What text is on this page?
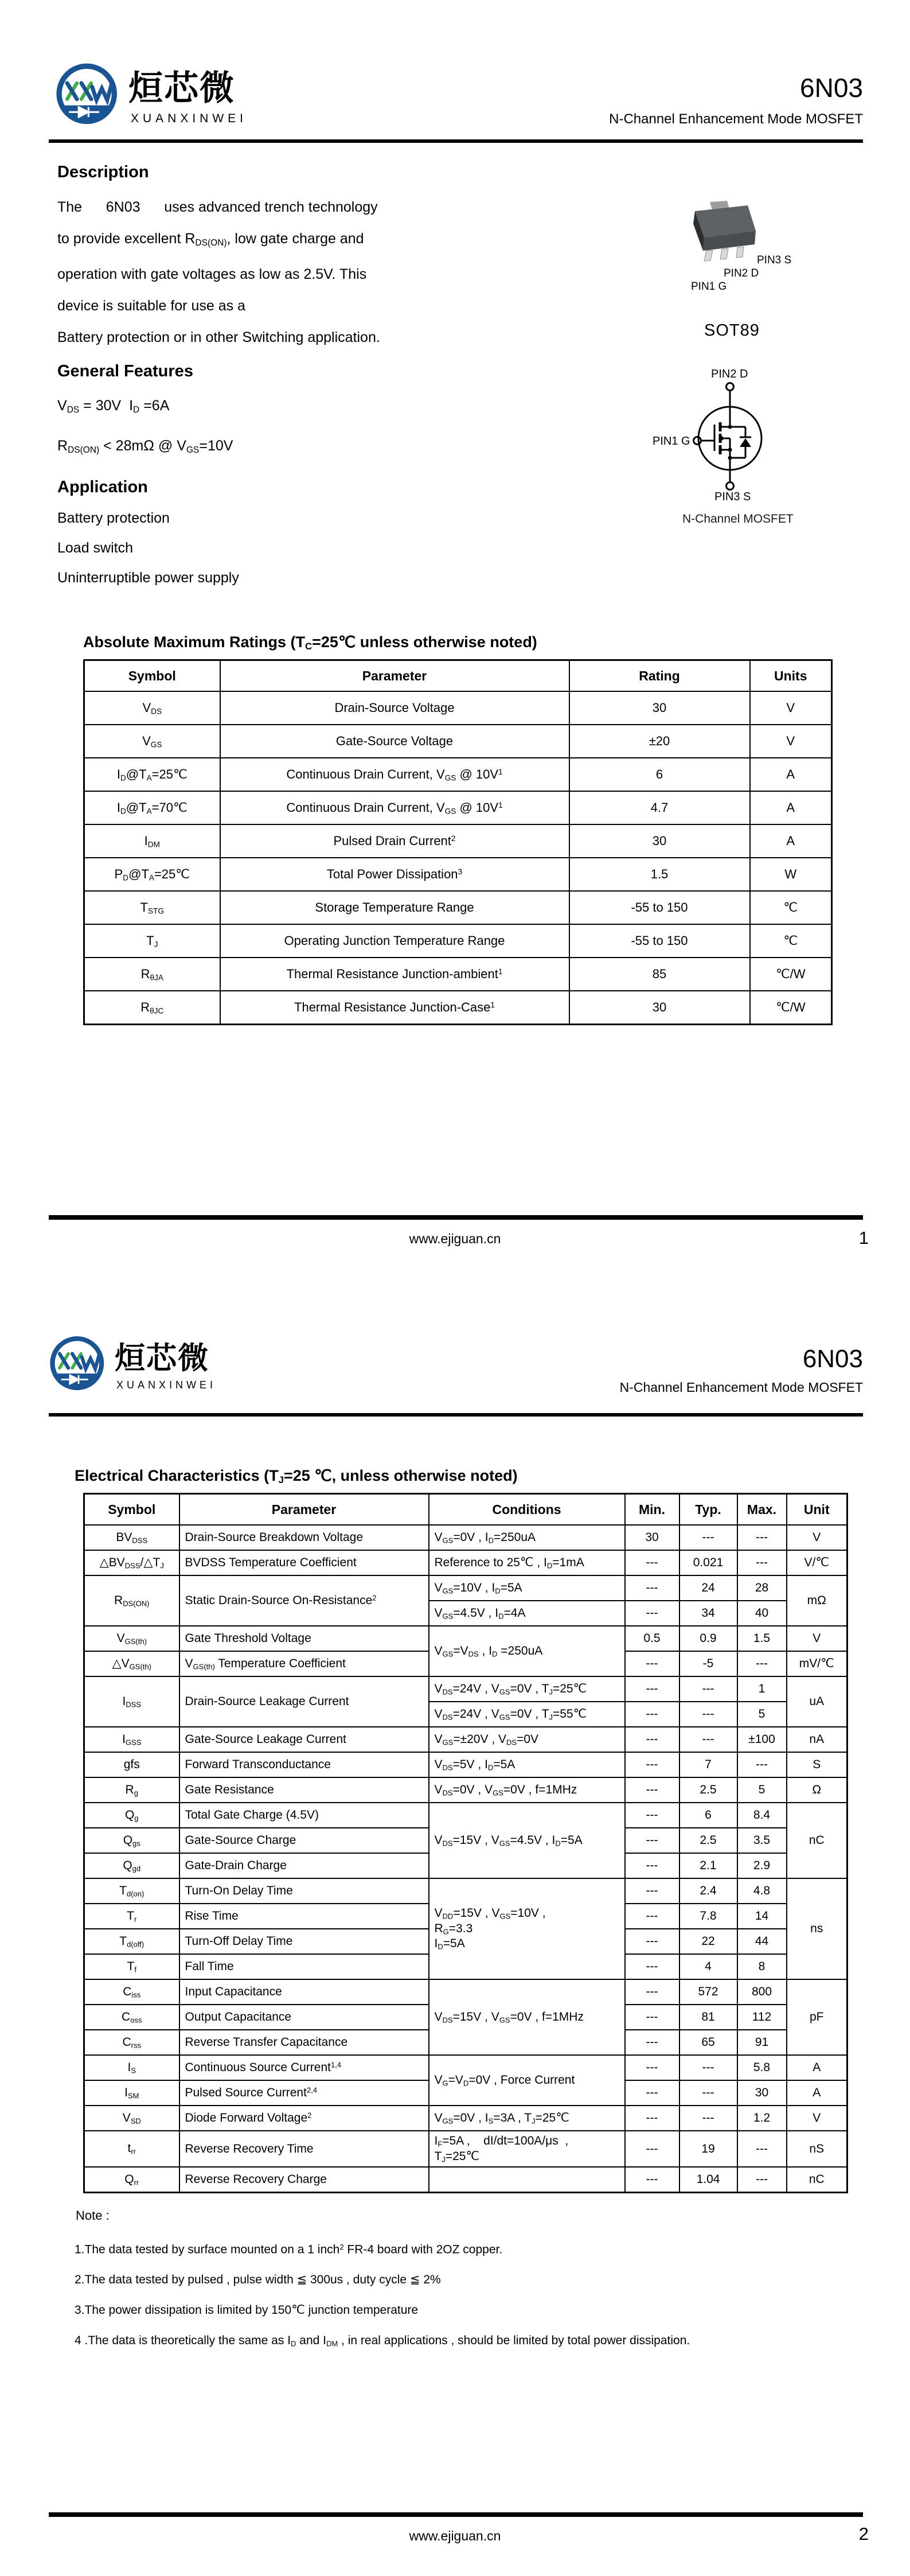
烜芯微
XUANXINWEI
6N03
N-Channel Enhancement Mode MOSFET
Description
The      6N03      uses advanced trench technology
to provide excellent $R_{DS(ON)}$, low gate charge and
operation with gate voltages as low as 2.5V. This
device is suitable for use as a
Battery protection or in other Switching application.
General Features
$V_{DS} = 30V$  $I_D =6A$
$R_{DS(ON)} < 28m\Omega$ @ $V_{GS}=10V$
Application
Battery protection
Load switch
Uninterruptible power supply
PIN3 S
PIN2 D
PIN1 G
SOT89
PIN2 D
PIN1 G
PIN3 S
N-Channel MOSFET
Absolute Maximum Ratings ($T_C=25℃$ unless otherwise noted)
Symbol	Parameter	Rating	Units
$V_{DS}$	Drain-Source Voltage	30	V
$V_{GS}$	Gate-Source Voltage	±20	V
$I_D@T_A=25℃$	Continuous Drain Current, $V_{GS}$ @ $10V^1$	6	A
$I_D@T_A=70℃$	Continuous Drain Current, $V_{GS}$ @ $10V^1$	4.7	A
$I_{DM}$	Pulsed Drain Current$^2$	30	A
$P_D@T_A=25℃$	Total Power Dissipation$^3$	1.5	W
$T_{STG}$	Storage Temperature Range	-55 to 150	℃
$T_J$	Operating Junction Temperature Range	-55 to 150	℃
$R_{\theta JA}$	Thermal Resistance Junction-ambient$^1$	85	℃/W
$R_{\theta JC}$	Thermal Resistance Junction-Case$^1$	30	℃/W
www.ejiguan.cn	1
烜芯微
XUANXINWEI
6N03
N-Channel Enhancement Mode MOSFET
Electrical Characteristics ($T_J=25$ ℃, unless otherwise noted)
Symbol	Parameter	Conditions	Min.	Typ.	Max.	Unit
$BV_{DSS}$	Drain-Source Breakdown Voltage	$V_{GS}=0V$ , $I_D=250uA$	30	---	---	V
$\triangle BV_{DSS}/\triangle T_J$	BVDSS Temperature Coefficient	Reference to 25℃ , $I_D=1mA$	---	0.021	---	V/℃
$R_{DS(ON)}$	Static Drain-Source On-Resistance$^2$	$V_{GS}=10V$ , $I_D=5A$	---	24	28	mΩ
		$V_{GS}=4.5V$ , $I_D=4A$	---	34	40	
$V_{GS(th)}$	Gate Threshold Voltage	$V_{GS}=V_{DS}$ , $I_D =250uA$	0.5	0.9	1.5	V
$\triangle V_{GS(th)}$	$V_{GS(th)}$ Temperature Coefficient		---	-5	---	mV/℃
$I_{DSS}$	Drain-Source Leakage Current	$V_{DS}=24V$ , $V_{GS}=0V$ , $T_J=25℃$	---	---	1	uA
		$V_{DS}=24V$ , $V_{GS}=0V$ , $T_J=55℃$	---	---	5	
$I_{GSS}$	Gate-Source Leakage Current	$V_{GS}=\pm 20V$ , $V_{DS}=0V$	---	---	±100	nA
gfs	Forward Transconductance	$V_{DS}=5V$ , $I_D=5A$	---	7	---	S
$R_g$	Gate Resistance	$V_{DS}=0V$ , $V_{GS}=0V$ , f=1MHz	---	2.5	5	Ω
$Q_g$	Total Gate Charge (4.5V)	$V_{DS}=15V$ , $V_{GS}=4.5V$ , $I_D=5A$	---	6	8.4	nC
$Q_{gs}$	Gate-Source Charge		---	2.5	3.5	
$Q_{gd}$	Gate-Drain Charge		---	2.1	2.9	
$T_{d(on)}$	Turn-On Delay Time	$V_{DD}=15V$ , $V_{GS}=10V$ ,
$R_G=3.3$
$I_D=5A$	---	2.4	4.8	ns
$T_r$	Rise Time		---	7.8	14	
$T_{d(off)}$	Turn-Off Delay Time		---	22	44	
$T_f$	Fall Time		---	4	8	
$C_{iss}$	Input Capacitance	$V_{DS}=15V$ , $V_{GS}=0V$ , f=1MHz	---	572	800	pF
$C_{oss}$	Output Capacitance		---	81	112	
$C_{rss}$	Reverse Transfer Capacitance		---	65	91	
$I_S$	Continuous Source Current$^{1,4}$	$V_G=V_D=0V$ , Force Current	---	---	5.8	A
$I_{SM}$	Pulsed Source Current$^{2,4}$		---	---	30	A
$V_{SD}$	Diode Forward Voltage$^2$	$V_{GS}=0V$ , $I_S=3A$ , $T_J=25℃$	---	---	1.2	V
$t_{rr}$	Reverse Recovery Time	$I_F=5A$ ,    dI/dt=100A/μs  ,
$T_J=25℃$	---	19	---	nS
$Q_{rr}$	Reverse Recovery Charge		---	1.04	---	nC
Note :
1.The data tested by surface mounted on a 1 inch$^2$ FR-4 board with 2OZ copper.
2.The data tested by pulsed , pulse width ≦ 300us , duty cycle ≦ 2%
3.The power dissipation is limited by 150℃ junction temperature
4 .The data is theoretically the same as $I_D$ and $I_{DM}$ , in real applications , should be limited by total power dissipation.
www.ejiguan.cn	2
